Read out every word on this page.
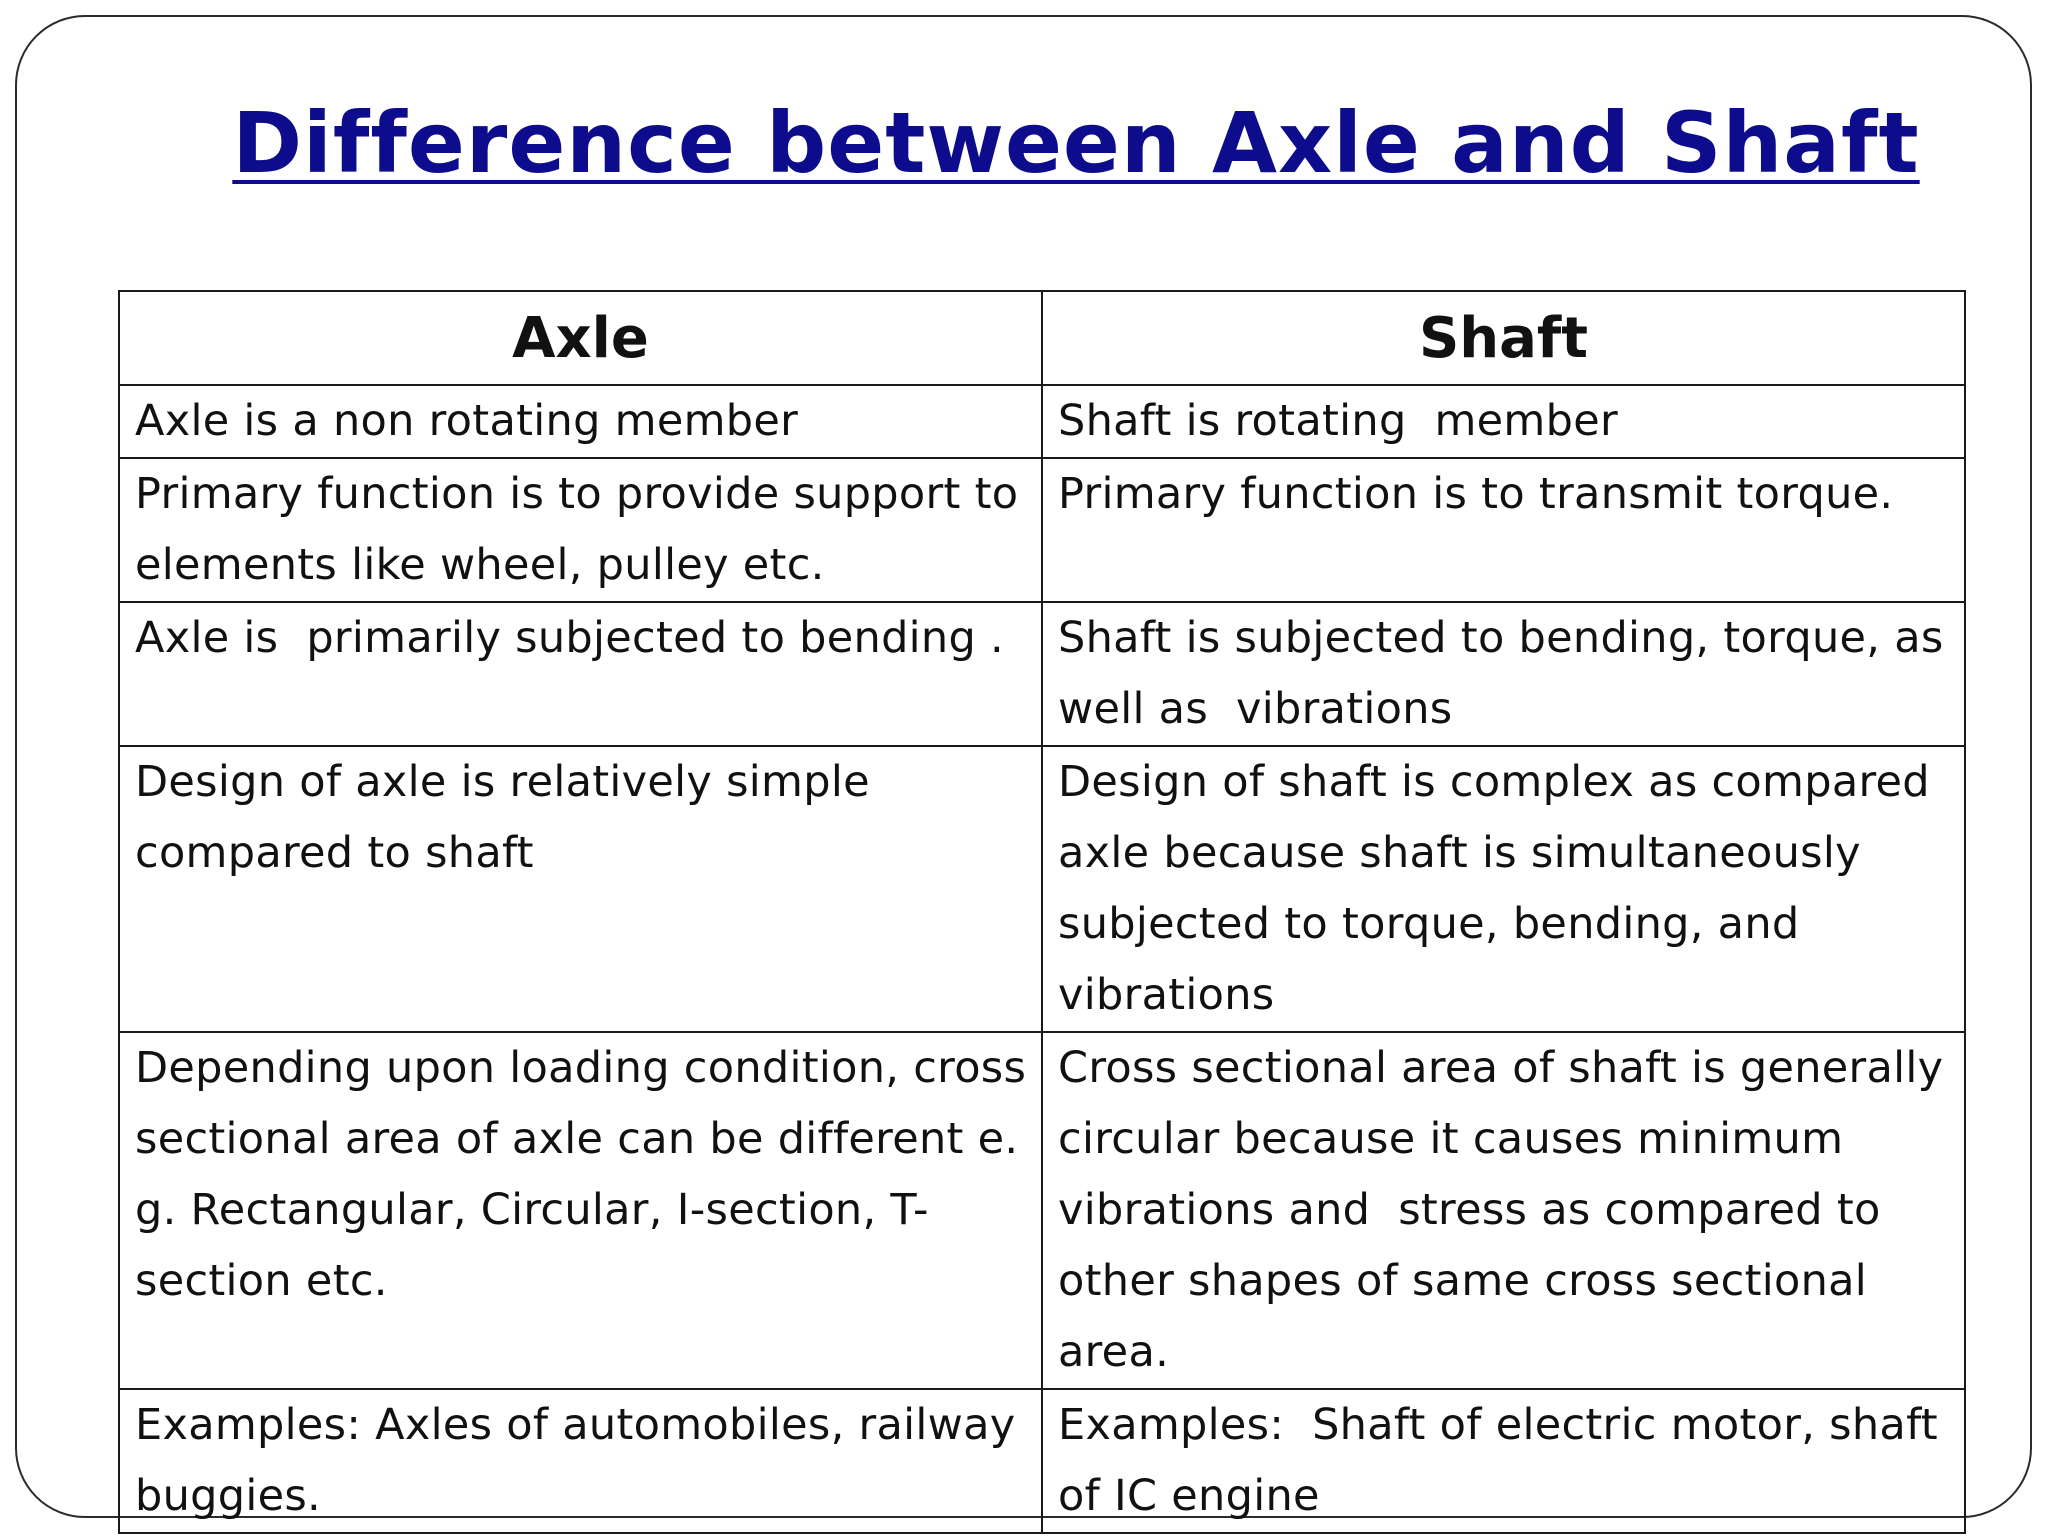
Difference between Axle and Shaft
Axle	Shaft
Axle is a non rotating member	Shaft is rotating  member
Primary function is to provide support to elements like wheel, pulley etc.	Primary function is to transmit torque.
Axle is  primarily subjected to bending .	Shaft is subjected to bending, torque, as well as  vibrations
Design of axle is relatively simple compared to shaft	Design of shaft is complex as compared axle because shaft is simultaneously subjected to torque, bending, and vibrations
Depending upon loading condition, cross sectional area of axle can be different e. g. Rectangular, Circular, I-section, T-section etc.	Cross sectional area of shaft is generally circular because it causes minimum vibrations and  stress as compared to other shapes of same cross sectional area.
Examples: Axles of automobiles, railway buggies.	Examples:  Shaft of electric motor, shaft of IC engine
